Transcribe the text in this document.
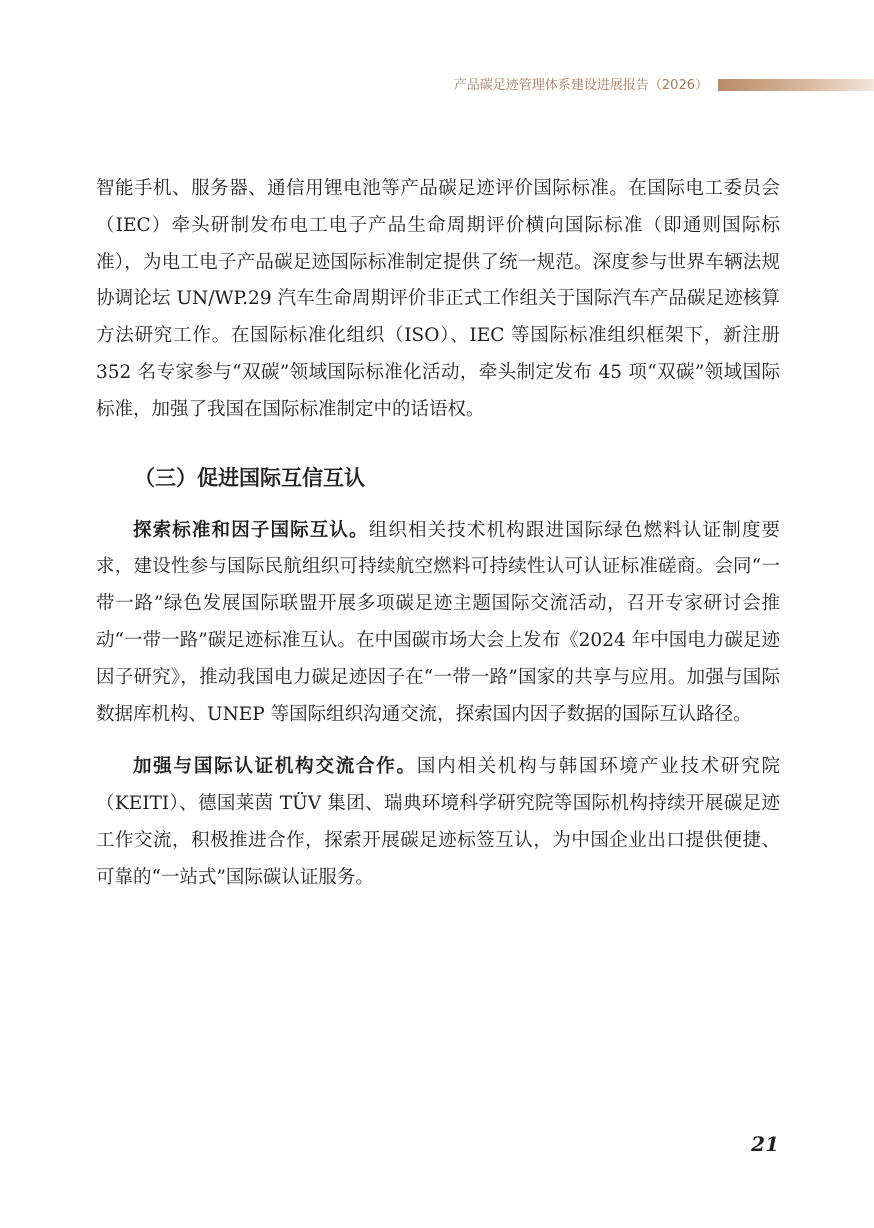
产品碳足迹管理体系建设进展报告（2026）

智能手机、服务器、通信用锂电池等产品碳足迹评价国际标准。在国际电工委员会（IEC）牵头研制发布电工电子产品生命周期评价横向国际标准（即通则国际标准），为电工电子产品碳足迹国际标准制定提供了统一规范。深度参与世界车辆法规协调论坛 UN/WP.29 汽车生命周期评价非正式工作组关于国际汽车产品碳足迹核算方法研究工作。在国际标准化组织（ISO）、IEC 等国际标准组织框架下，新注册 352 名专家参与“双碳”领域国际标准化活动，牵头制定发布 45 项“双碳”领域国际标准，加强了我国在国际标准制定中的话语权。

（三）促进国际互信互认

探索标准和因子国际互认。组织相关技术机构跟进国际绿色燃料认证制度要求，建设性参与国际民航组织可持续航空燃料可持续性认可认证标准磋商。会同“一带一路”绿色发展国际联盟开展多项碳足迹主题国际交流活动，召开专家研讨会推动“一带一路”碳足迹标准互认。在中国碳市场大会上发布《2024 年中国电力碳足迹因子研究》，推动我国电力碳足迹因子在“一带一路”国家的共享与应用。加强与国际数据库机构、UNEP 等国际组织沟通交流，探索国内因子数据的国际互认路径。

加强与国际认证机构交流合作。国内相关机构与韩国环境产业技术研究院（KEITI）、德国莱茵 TÜV 集团、瑞典环境科学研究院等国际机构持续开展碳足迹工作交流，积极推进合作，探索开展碳足迹标签互认，为中国企业出口提供便捷、可靠的“一站式”国际碳认证服务。

21
